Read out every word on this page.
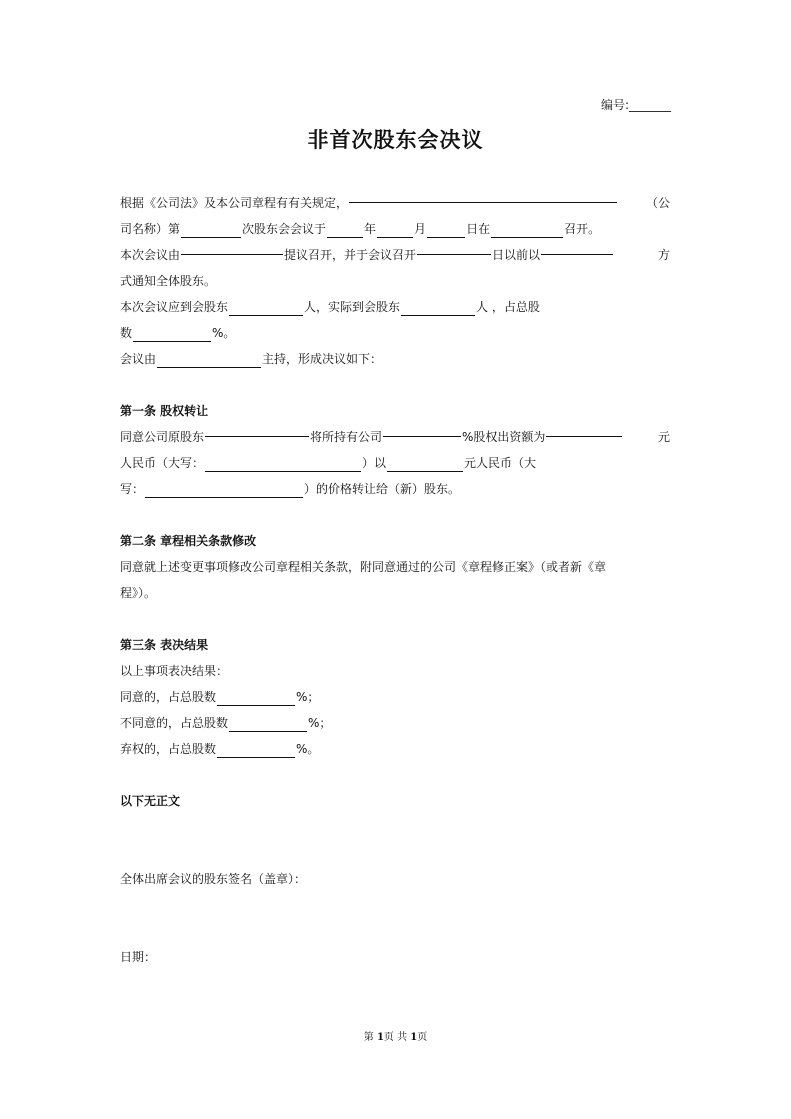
编号:_______
非首次股东会决议
根据《公司法》及本公司章程有有关规定，	（公
司名称）第	次股东会会议于	年	月	日在	召开。
本次会议由	提议召开，并于会议召开	日以前以	方
式通知全体股东。
本次会议应到会股东	人，实际到会股东	人 ，占总股
数	%。
会议由	主持，形成决议如下：
第一条 股权转让
同意公司原股东	将所持有公司	%股权出资额为	元
人民币（大写：	）以	元人民币（大
写：	）的价格转让给（新）股东。
第二条 章程相关条款修改
同意就上述变更事项修改公司章程相关条款，附同意通过的公司《章程修正案》（或者新《章
程》）。
第三条 表决结果
以上事项表决结果：
同意的，占总股数	%；
不同意的，占总股数	%；
弃权的，占总股数	%。
以下无正文
全体出席会议的股东签名（盖章）：
日期：
第 1页 共 1页
